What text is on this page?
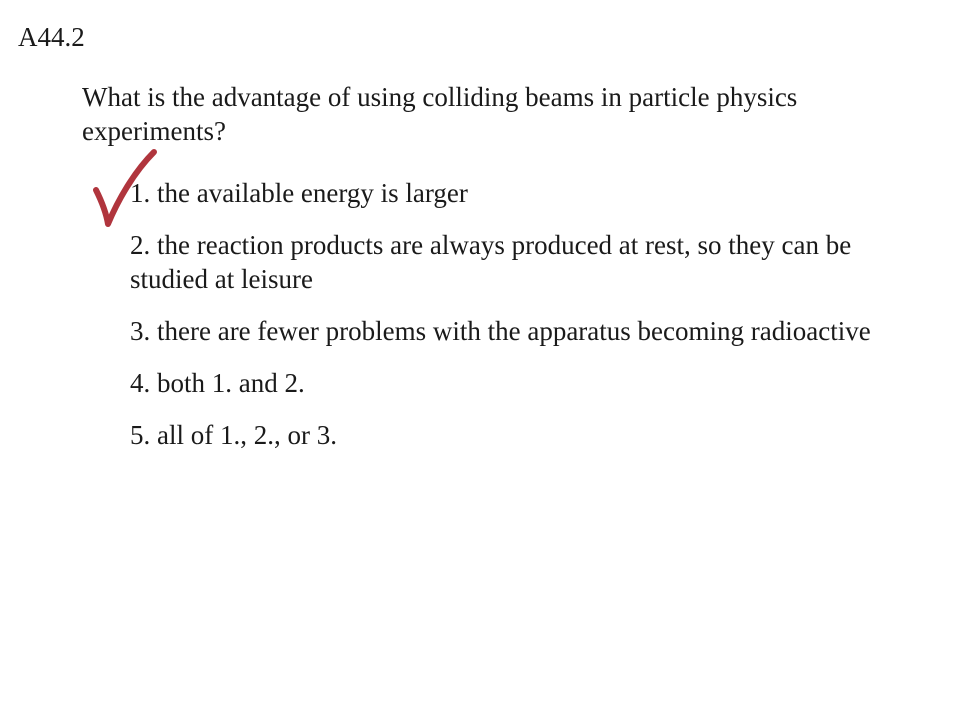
A44.2

What is the advantage of using colliding beams in particle physics experiments?

1. the available energy is larger
2. the reaction products are always produced at rest, so they can be studied at leisure
3. there are fewer problems with the apparatus becoming radioactive
4. both 1. and 2.
5. all of 1., 2., or 3.
